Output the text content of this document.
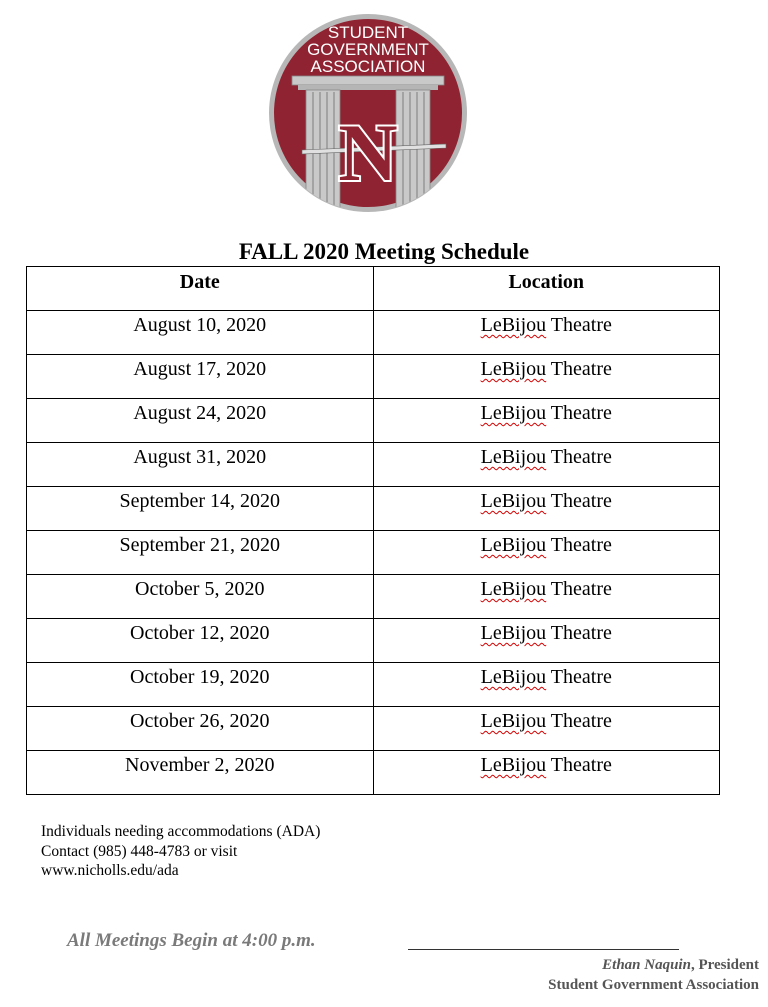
STUDENT
GOVERNMENT
ASSOCIATION
N
FALL 2020 Meeting Schedule
Date	Location
August 10, 2020	LeBijou Theatre
August 17, 2020	LeBijou Theatre
August 24, 2020	LeBijou Theatre
August 31, 2020	LeBijou Theatre
September 14, 2020	LeBijou Theatre
September 21, 2020	LeBijou Theatre
October 5, 2020	LeBijou Theatre
October 12, 2020	LeBijou Theatre
October 19, 2020	LeBijou Theatre
October 26, 2020	LeBijou Theatre
November 2, 2020	LeBijou Theatre
Individuals needing accommodations (ADA)
Contact (985) 448-4783 or visit
www.nicholls.edu/ada
All Meetings Begin at 4:00 p.m.
Ethan Naquin, President
Student Government Association
